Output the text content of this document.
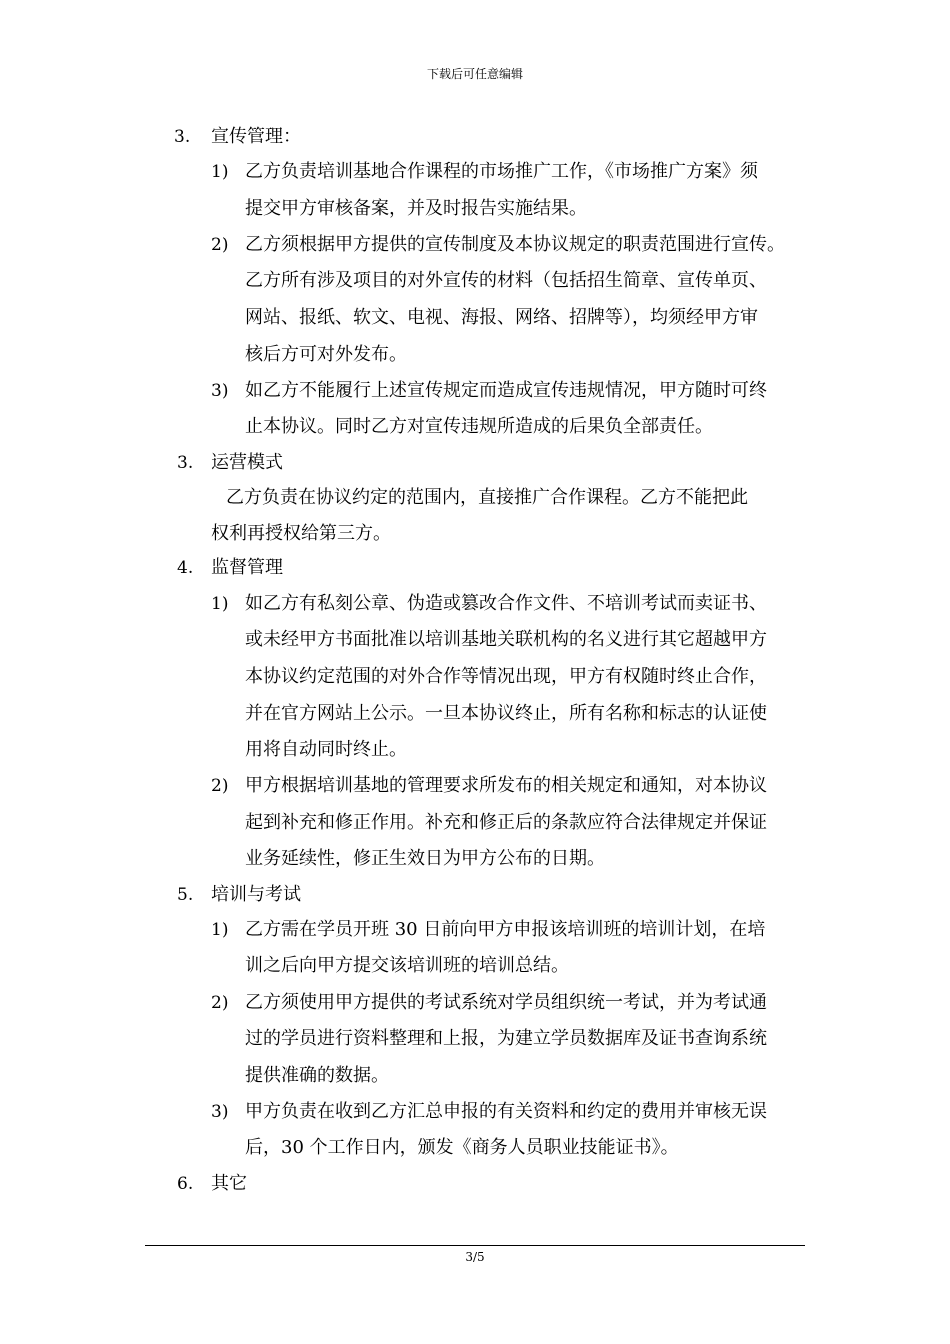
下载后可任意编辑
3. 宣传管理：
1) 乙方负责培训基地合作课程的市场推广工作，《市场推广方案》须
提交甲方审核备案，并及时报告实施结果。
2) 乙方须根据甲方提供的宣传制度及本协议规定的职责范围进行宣传。
乙方所有涉及项目的对外宣传的材料（包括招生简章、宣传单页、
网站、报纸、软文、电视、海报、网络、招牌等），均须经甲方审
核后方可对外发布。
3) 如乙方不能履行上述宣传规定而造成宣传违规情况，甲方随时可终
止本协议。同时乙方对宣传违规所造成的后果负全部责任。
3. 运营模式
乙方负责在协议约定的范围内，直接推广合作课程。乙方不能把此
权利再授权给第三方。
4. 监督管理
1) 如乙方有私刻公章、伪造或篡改合作文件、不培训考试而卖证书、
或未经甲方书面批准以培训基地关联机构的名义进行其它超越甲方
本协议约定范围的对外合作等情况出现，甲方有权随时终止合作，
并在官方网站上公示。一旦本协议终止，所有名称和标志的认证使
用将自动同时终止。
2) 甲方根据培训基地的管理要求所发布的相关规定和通知，对本协议
起到补充和修正作用。补充和修正后的条款应符合法律规定并保证
业务延续性，修正生效日为甲方公布的日期。
5. 培训与考试
1) 乙方需在学员开班 30 日前向甲方申报该培训班的培训计划，在培
训之后向甲方提交该培训班的培训总结。
2) 乙方须使用甲方提供的考试系统对学员组织统一考试，并为考试通
过的学员进行资料整理和上报，为建立学员数据库及证书查询系统
提供准确的数据。
3) 甲方负责在收到乙方汇总申报的有关资料和约定的费用并审核无误
后，30 个工作日内，颁发《商务人员职业技能证书》。
6. 其它
3/5
